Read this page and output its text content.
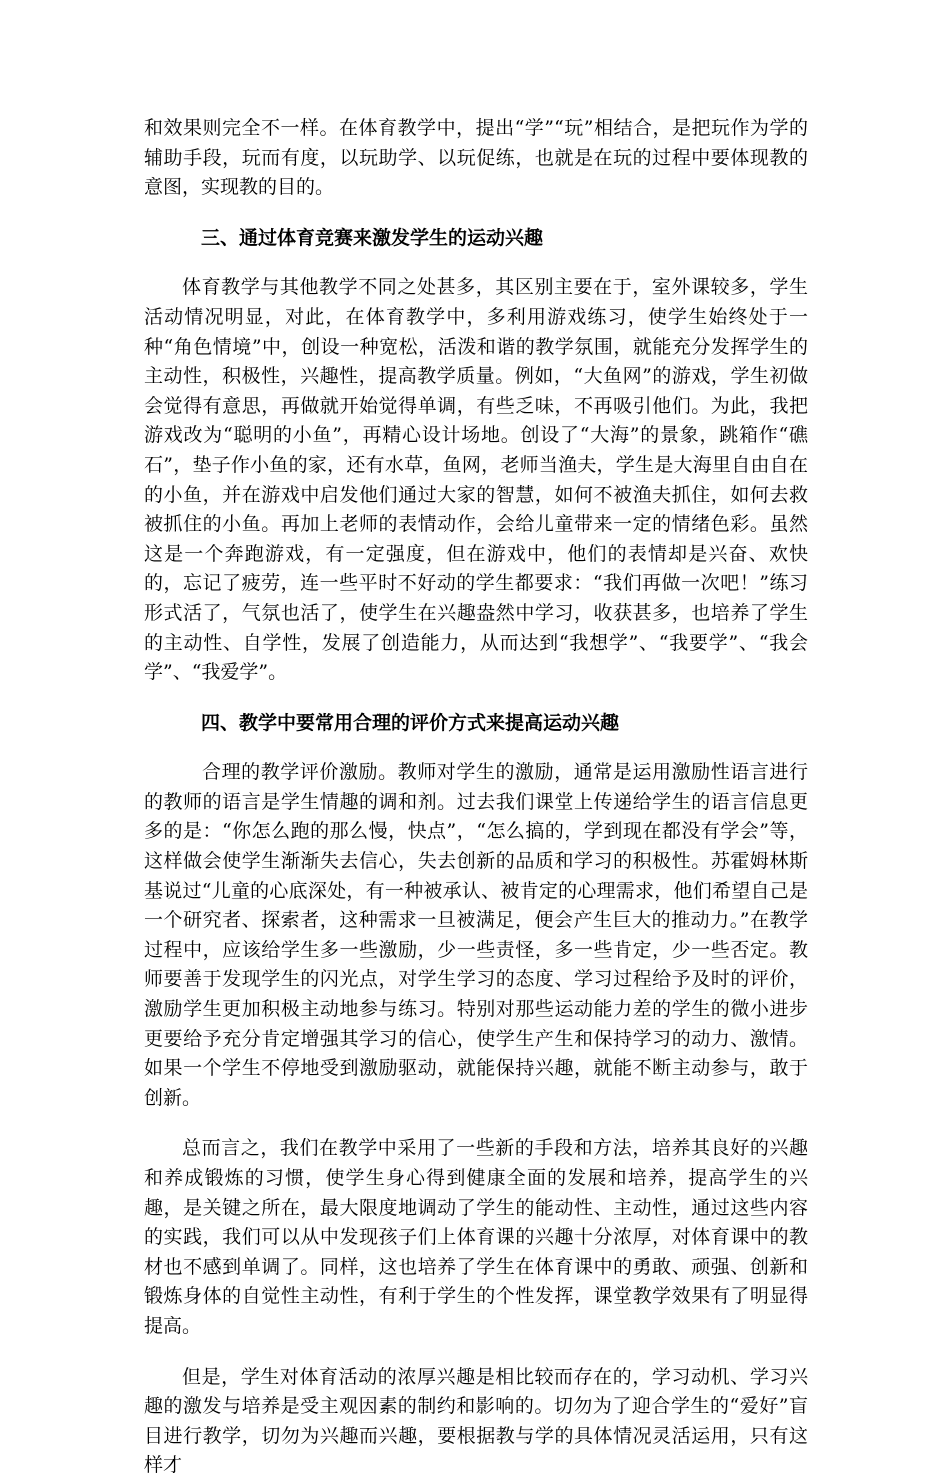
和效果则完全不一样。在体育教学中，提出“学”“玩”相结合，是把玩作为学的辅助手段，玩而有度，以玩助学、以玩促练，也就是在玩的过程中要体现教的意图，实现教的目的。

三、通过体育竞赛来激发学生的运动兴趣

体育教学与其他教学不同之处甚多，其区别主要在于，室外课较多，学生活动情况明显，对此，在体育教学中，多利用游戏练习，使学生始终处于一种“角色情境”中，创设一种宽松，活泼和谐的教学氛围，就能充分发挥学生的主动性，积极性，兴趣性，提高教学质量。例如，“大鱼网”的游戏，学生初做会觉得有意思，再做就开始觉得单调，有些乏味，不再吸引他们。为此，我把游戏改为“聪明的小鱼”，再精心设计场地。创设了“大海”的景象，跳箱作“礁石”，垫子作小鱼的家，还有水草，鱼网，老师当渔夫，学生是大海里自由自在的小鱼，并在游戏中启发他们通过大家的智慧，如何不被渔夫抓住，如何去救被抓住的小鱼。再加上老师的表情动作，会给儿童带来一定的情绪色彩。虽然这是一个奔跑游戏，有一定强度，但在游戏中，他们的表情却是兴奋、欢快的，忘记了疲劳，连一些平时不好动的学生都要求：“我们再做一次吧！”练习形式活了，气氛也活了，使学生在兴趣盎然中学习，收获甚多，也培养了学生的主动性、自学性，发展了创造能力，从而达到“我想学”、“我要学”、“我会学”、“我爱学”。

四、教学中要常用合理的评价方式来提高运动兴趣

合理的教学评价激励。教师对学生的激励，通常是运用激励性语言进行的教师的语言是学生情趣的调和剂。过去我们课堂上传递给学生的语言信息更多的是：“你怎么跑的那么慢，快点”，“怎么搞的，学到现在都没有学会”等，这样做会使学生渐渐失去信心，失去创新的品质和学习的积极性。苏霍姆林斯基说过“儿童的心底深处，有一种被承认、被肯定的心理需求，他们希望自己是一个研究者、探索者，这种需求一旦被满足，便会产生巨大的推动力。”在教学过程中，应该给学生多一些激励，少一些责怪，多一些肯定，少一些否定。教师要善于发现学生的闪光点，对学生学习的态度、学习过程给予及时的评价，激励学生更加积极主动地参与练习。特别对那些运动能力差的学生的微小进步更要给予充分肯定增强其学习的信心，使学生产生和保持学习的动力、激情。如果一个学生不停地受到激励驱动，就能保持兴趣，就能不断主动参与，敢于创新。

总而言之，我们在教学中采用了一些新的手段和方法，培养其良好的兴趣和养成锻炼的习惯，使学生身心得到健康全面的发展和培养，提高学生的兴趣，是关键之所在，最大限度地调动了学生的能动性、主动性，通过这些内容的实践，我们可以从中发现孩子们上体育课的兴趣十分浓厚，对体育课中的教材也不感到单调了。同样，这也培养了学生在体育课中的勇敢、顽强、创新和锻炼身体的自觉性主动性，有利于学生的个性发挥，课堂教学效果有了明显得提高。

但是，学生对体育活动的浓厚兴趣是相比较而存在的，学习动机、学习兴趣的激发与培养是受主观因素的制约和影响的。切勿为了迎合学生的“爱好”盲目进行教学，切勿为兴趣而兴趣，要根据教与学的具体情况灵活运用，只有这样才
